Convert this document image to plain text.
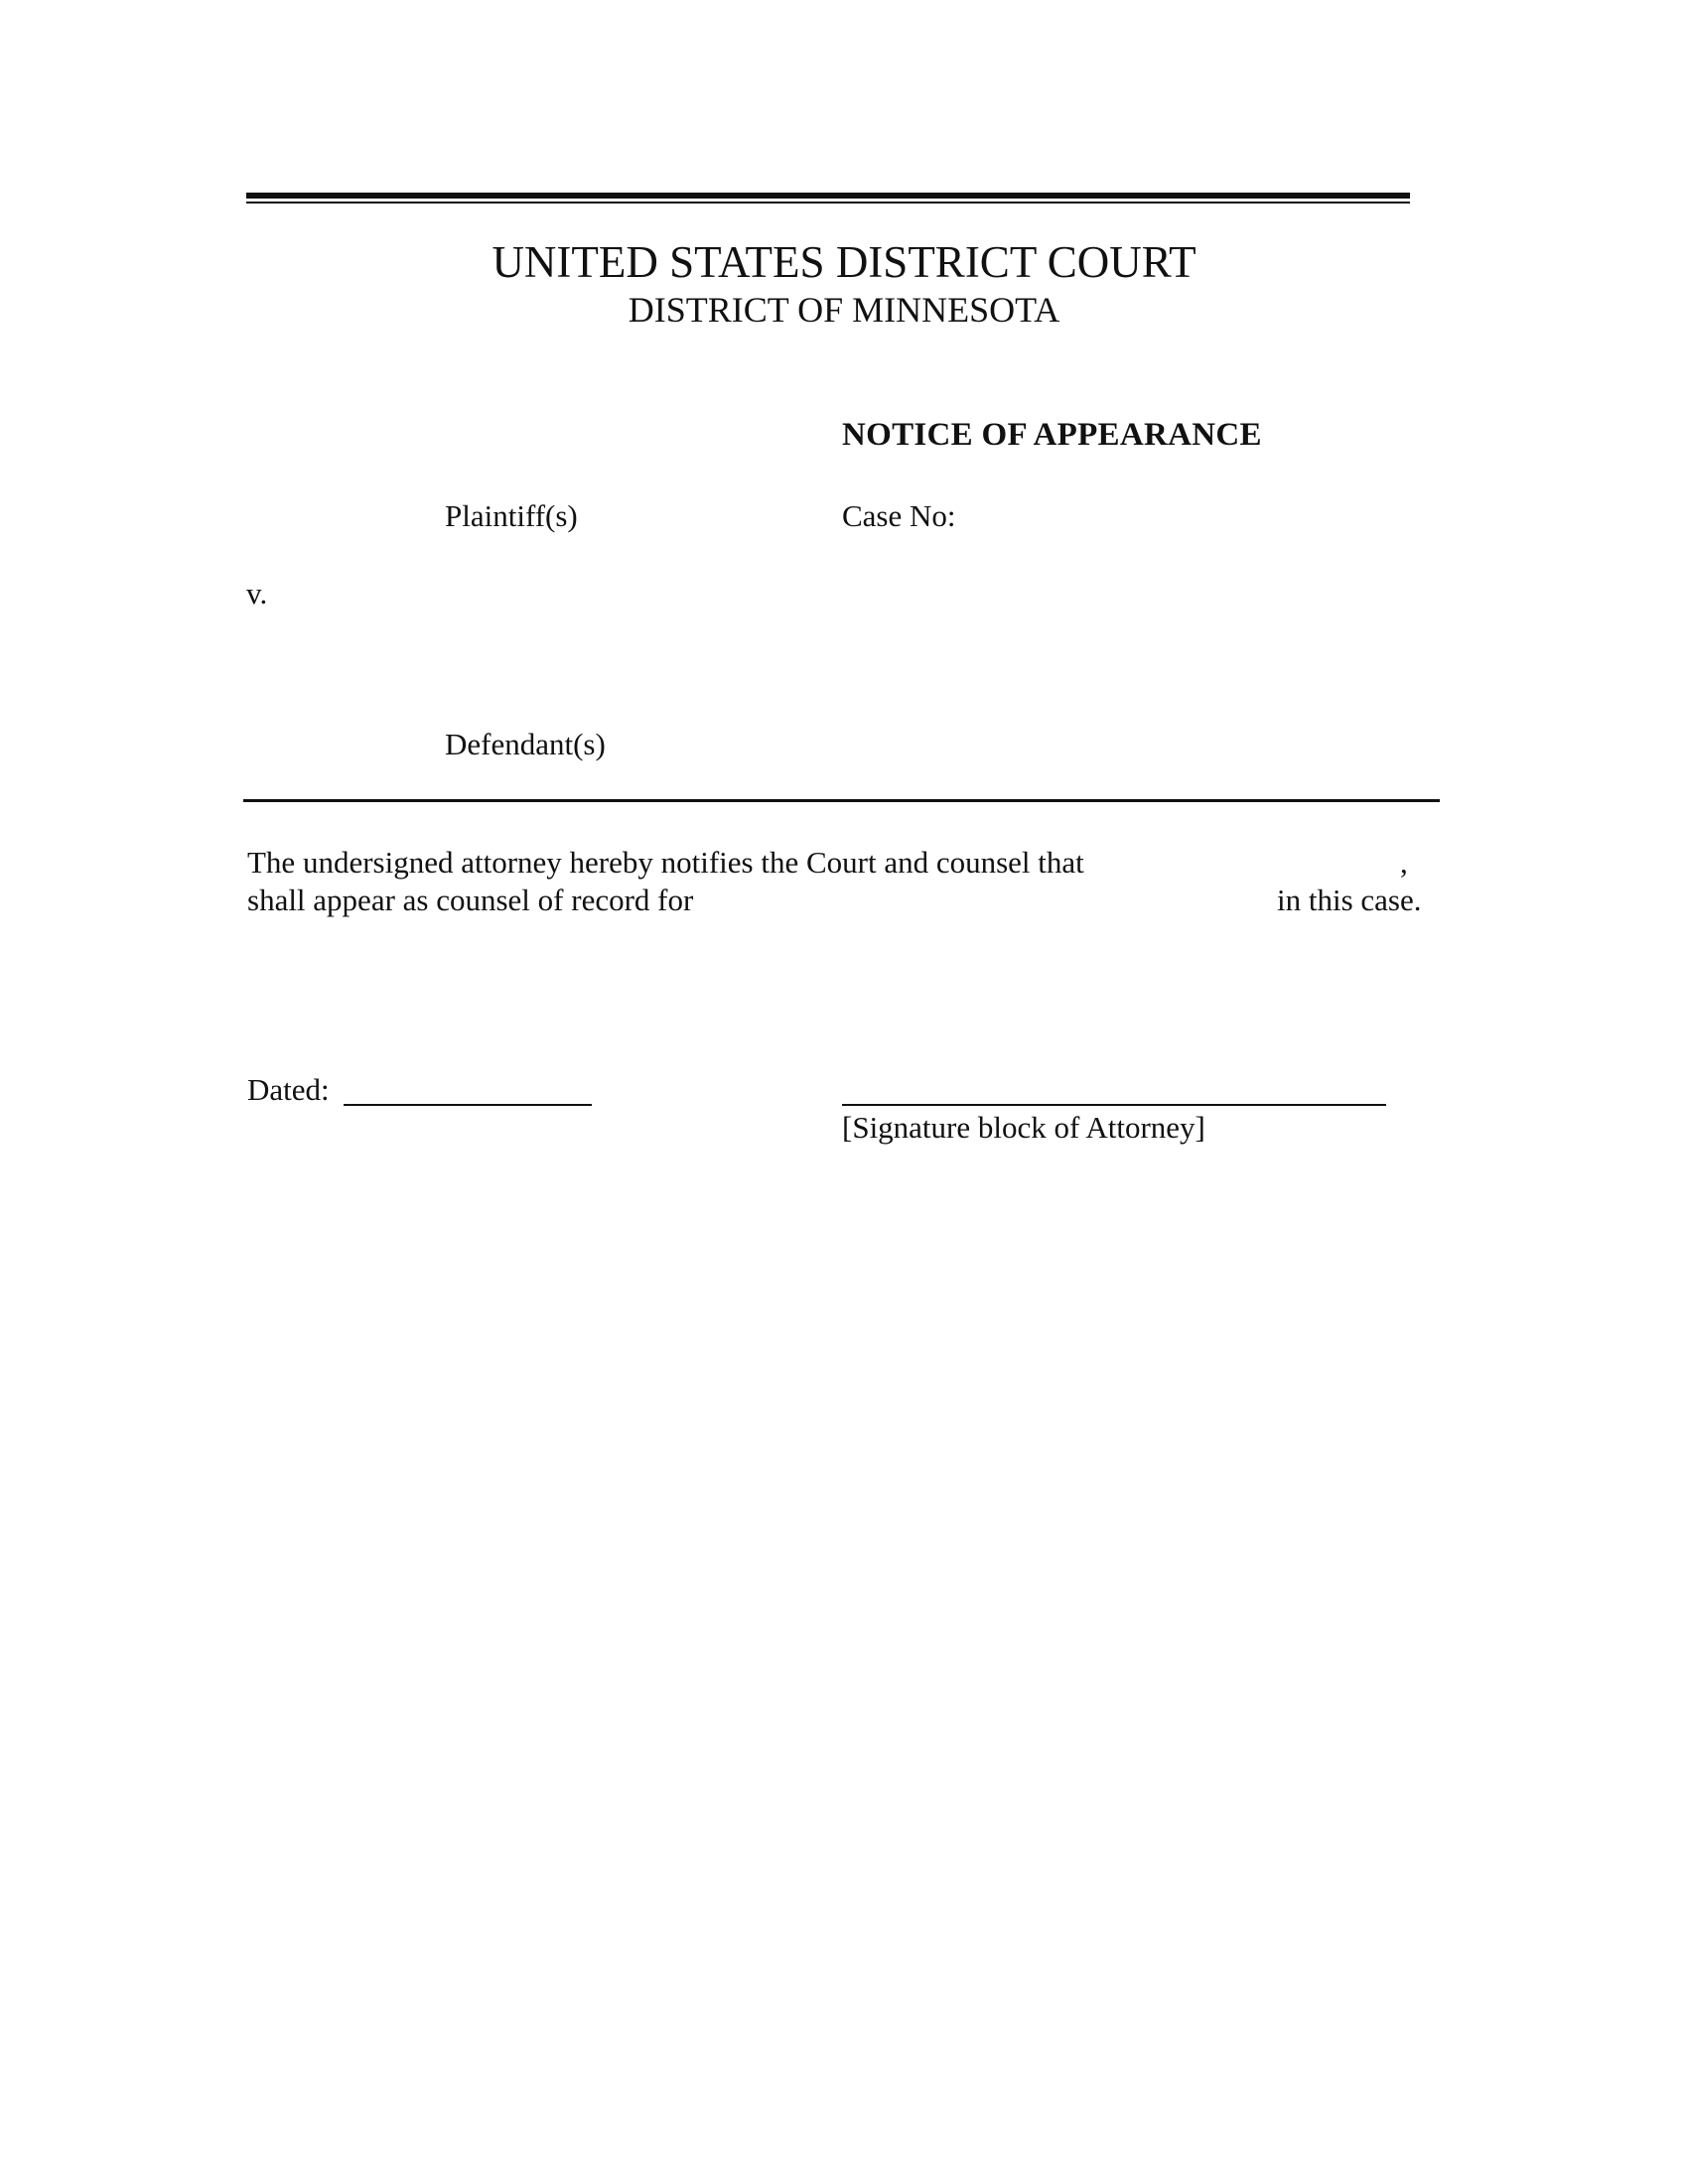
UNITED STATES DISTRICT COURT
DISTRICT OF MINNESOTA
NOTICE OF APPEARANCE
Plaintiff(s)	Case No:
v.
Defendant(s)
The undersigned attorney hereby notifies the Court and counsel that	,
shall appear as counsel of record for	in this case.
Dated:
[Signature block of Attorney]
